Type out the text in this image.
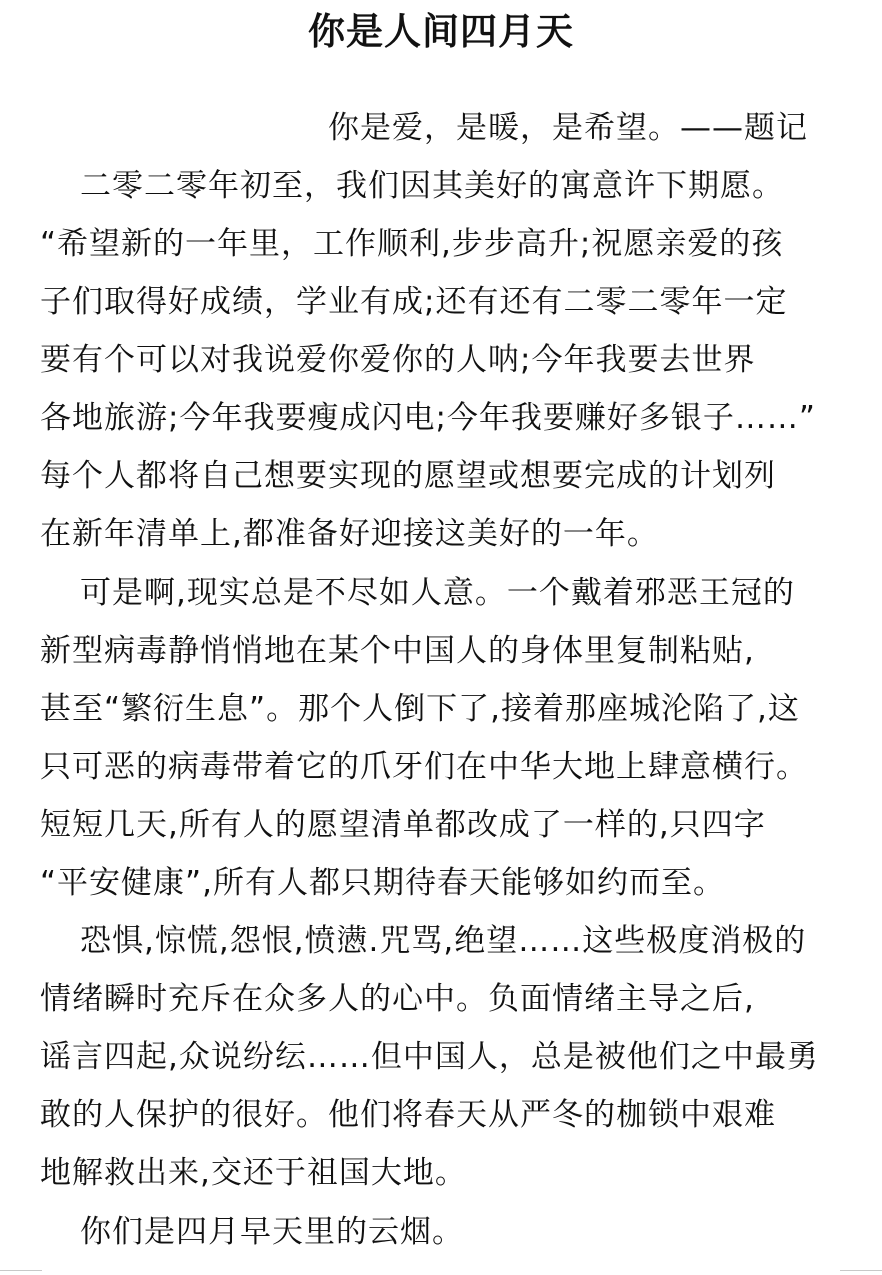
你是人间四月天
你是爱，是暖，是希望。——题记
二零二零年初至，我们因其美好的寓意许下期愿。
“希望新的一年里，工作顺利,步步高升;祝愿亲爱的孩
子们取得好成绩，学业有成;还有还有二零二零年一定
要有个可以对我说爱你爱你的人呐;今年我要去世界
各地旅游;今年我要瘦成闪电;今年我要赚好多银子……”
每个人都将自己想要实现的愿望或想要完成的计划列
在新年清单上,都准备好迎接这美好的一年。
可是啊,现实总是不尽如人意。一个戴着邪恶王冠的
新型病毒静悄悄地在某个中国人的身体里复制粘贴,
甚至“繁衍生息”。那个人倒下了,接着那座城沦陷了,这
只可恶的病毒带着它的爪牙们在中华大地上肆意横行。
短短几天,所有人的愿望清单都改成了一样的,只四字
“平安健康”,所有人都只期待春天能够如约而至。
恐惧,惊慌,怨恨,愤懑.咒骂,绝望……这些极度消极的
情绪瞬时充斥在众多人的心中。负面情绪主导之后,
谣言四起,众说纷纭……但中国人，总是被他们之中最勇
敢的人保护的很好。他们将春天从严冬的枷锁中艰难
地解救出来,交还于祖国大地。
你们是四月早天里的云烟。
